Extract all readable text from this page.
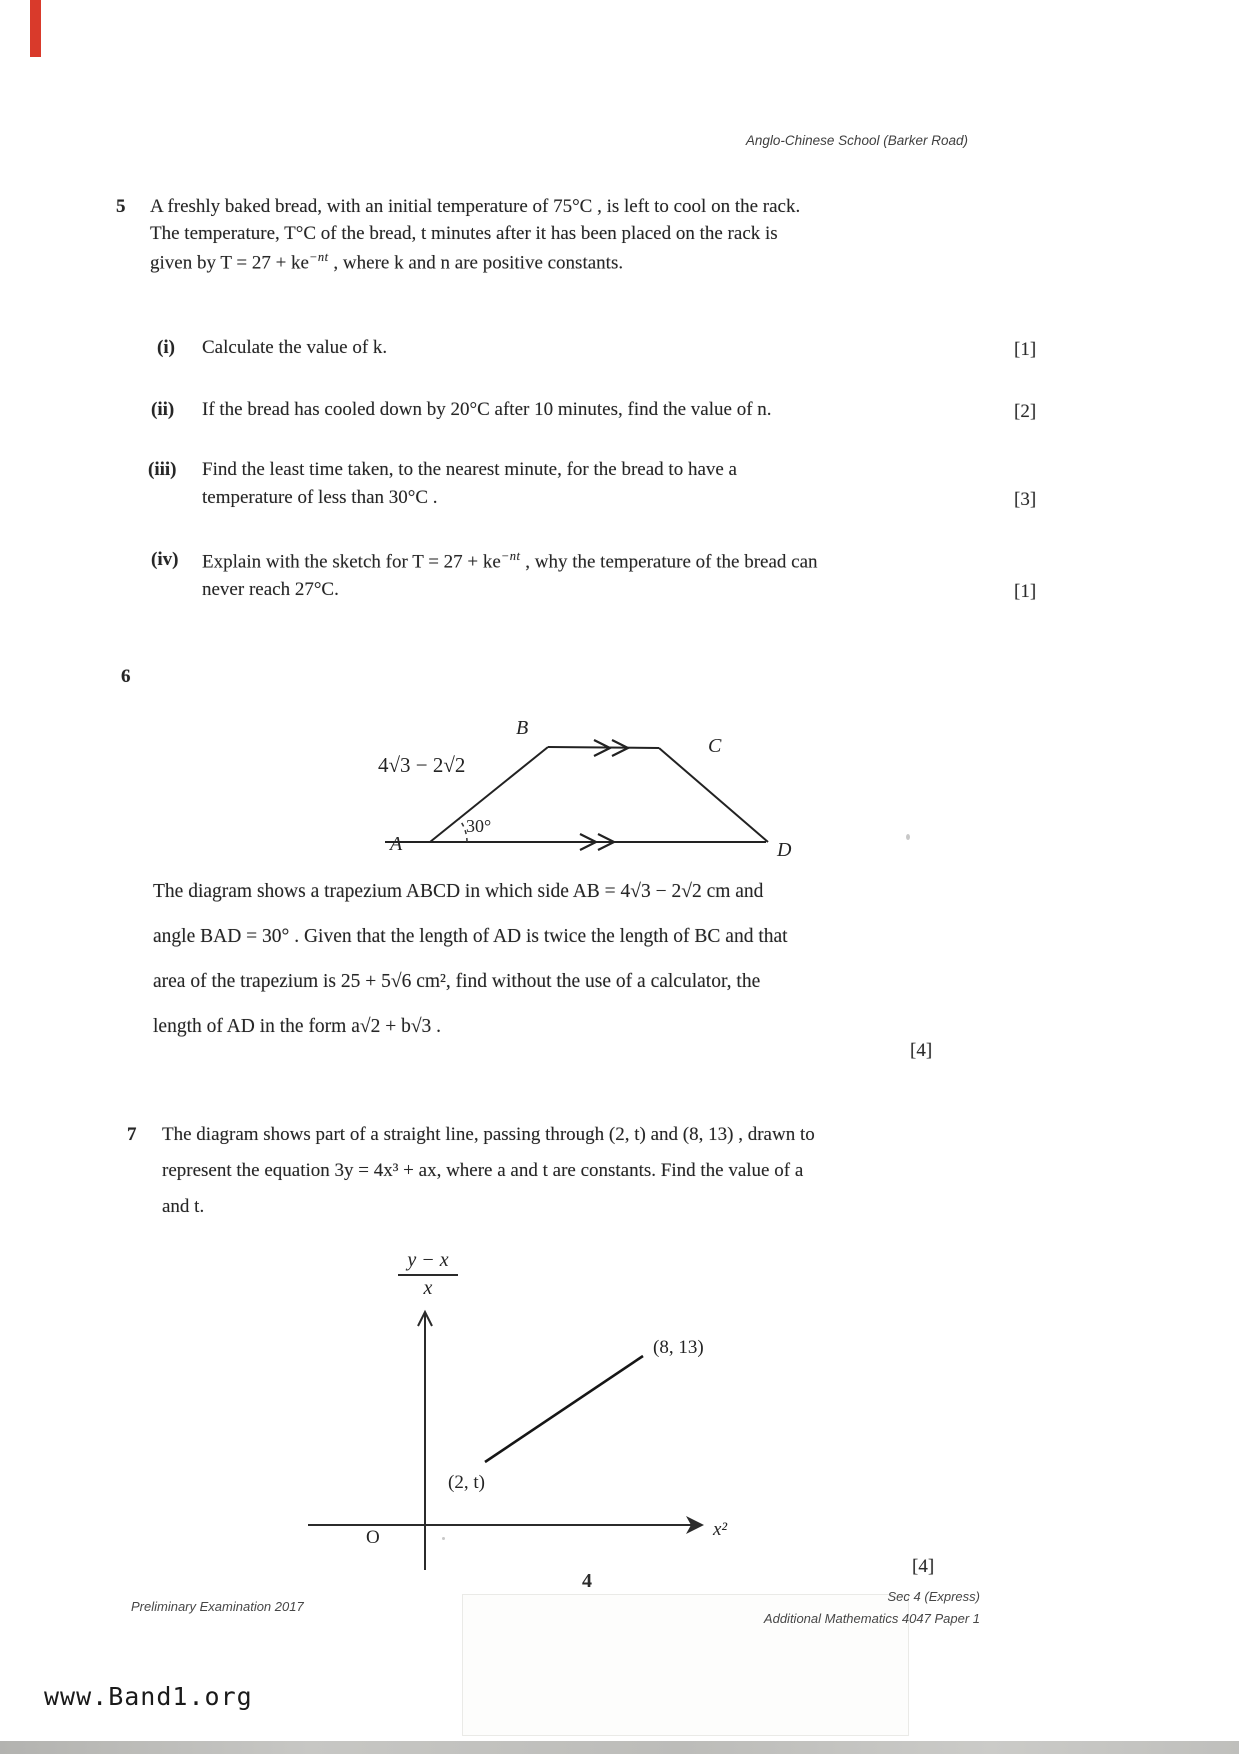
Anglo-Chinese School (Barker Road)
5 A freshly baked bread, with an initial temperature of 75°C , is left to cool on the rack.
The temperature, T°C of the bread, t minutes after it has been placed on the rack is
given by $T = 27 + ke^{-nt}$ , where k and n are positive constants.
(i) Calculate the value of k.	[1]
(ii) If the bread has cooled down by 20°C after 10 minutes, find the value of n.	[2]
(iii) Find the least time taken, to the nearest minute, for the bread to have a
temperature of less than 30°C .	[3]
(iv) Explain with the sketch for $T = 27 + ke^{-nt}$ , why the temperature of the bread can
never reach 27°C.	[1]
6
A
B
C
D
4√3 − 2√2
30°
The diagram shows a trapezium ABCD in which side AB = 4√3 − 2√2 cm and
angle BAD = 30° . Given that the length of AD is twice the length of BC and that
area of the trapezium is 25 + 5√6 cm², find without the use of a calculator, the
length of AD in the form a√2 + b√3 .
[4]
7 The diagram shows part of a straight line, passing through (2, t) and (8, 13) , drawn to
represent the equation 3y = 4x³ + ax, where a and t are constants. Find the value of a
and t.
$\frac{y - x}{x}$
(8, 13)
(2, t)
O	x²
[4]
4
Preliminary Examination 2017
Sec 4 (Express)
Additional Mathematics 4047 Paper 1
www.Band1.org
